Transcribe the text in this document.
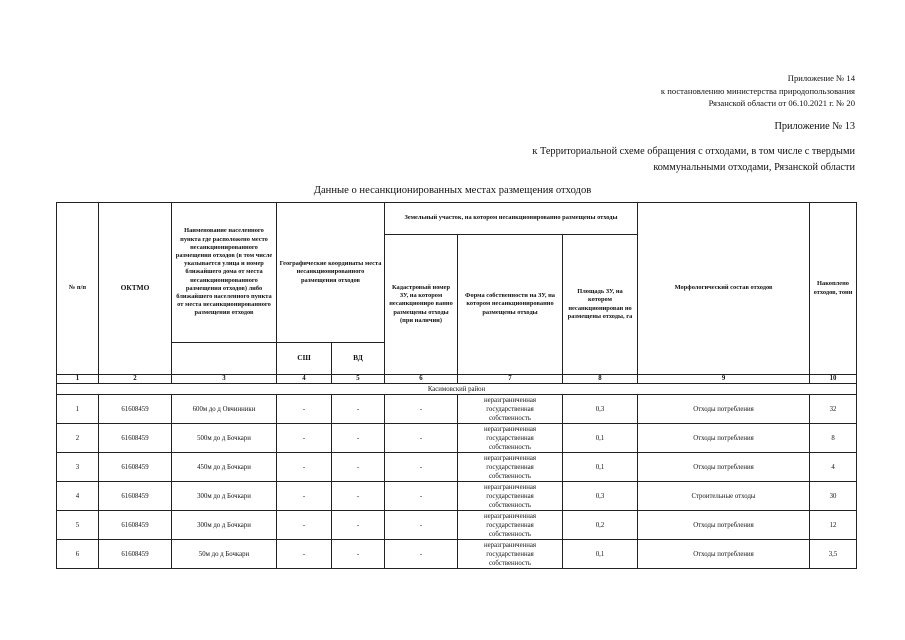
Приложение № 14
к постановлению министерства природопользования
Рязанской области от 06.10.2021 г. № 20
Приложение № 13
к Территориальной схеме обращения с отходами, в том числе с твердыми
коммунальными отходами, Рязанской области
Данные о несанкционированных местах размещения отходов
№ п/п	ОКТМО	Наименование населенного пункта где расположено место несанкционированного размещения отходов (в том числе указывается улица и номер ближайшего дома от места несанкционированного размещения отходов) либо ближайшего населенного пункта от места несанкционированного размещения отходов	Географические координаты места несанкционированного размещения отходов		Земельный участок, на котором несанкционированно размещены отходы			Морфологический состав отходов	Накоплено отходов, тонн
					Кадастровый номер ЗУ, на котором несанкциониро ванно размещены отходы (при наличии)	Форма собственности на ЗУ, на котором несанкционированно размещены отходы	Площадь ЗУ, на котором несанкционирован но размещены отходы, га		
			СШ	ВД					
1	2	3	4	5	6	7	8	9	10
Касимовский район									
1	61608459	600м до д Овчинники	-	-	-	неразграниченная
государственная
собственность	0,3	Отходы потребления	32
2	61608459	500м до д Бочкари	-	-	-	неразграниченная
государственная
собственность	0,1	Отходы потребления	8
3	61608459	450м до д Бочкари	-	-	-	неразграниченная
государственная
собственность	0,1	Отходы потребления	4
4	61608459	300м до д Бочкари	-	-	-	неразграниченная
государственная
собственность	0,3	Строительные отходы	30
5	61608459	300м до д Бочкари	-	-	-	неразграниченная
государственная
собственность	0,2	Отходы потребления	12
6	61608459	50м до д Бочкари	-	-	-	неразграниченная
государственная
собственность	0,1	Отходы потребления	3,5
